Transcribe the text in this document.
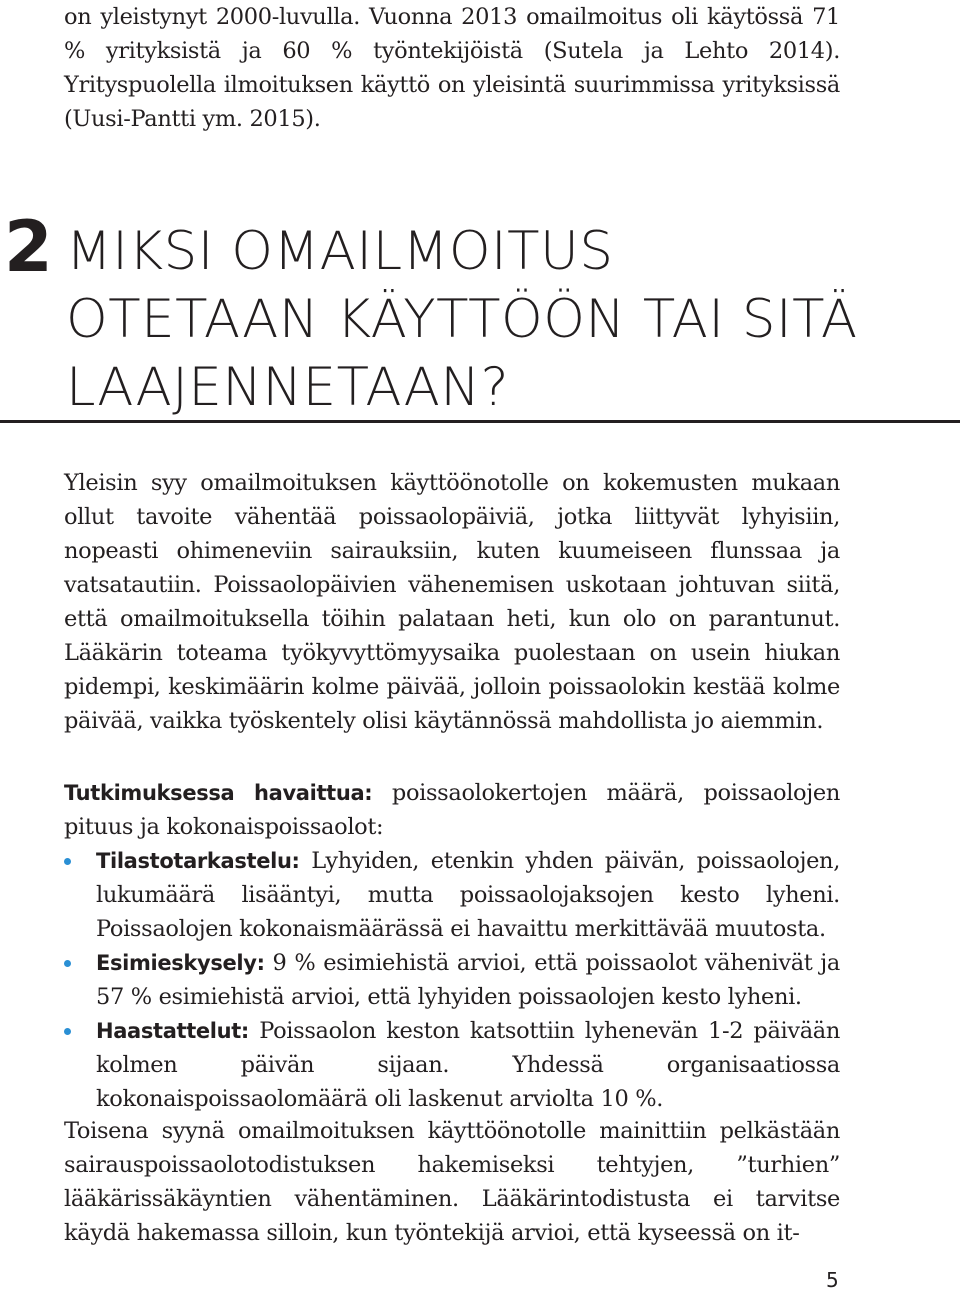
on yleistynyt 2000-luvulla. Vuonna 2013 omailmoitus oli käytössä 71 % yrityksistä ja 60 % työntekijöistä (Sutela ja Lehto 2014). Yrityspuolella ilmoituksen käyttö on yleisintä suurimmissa yrityksissä (Uusi-Pantti ym. 2015).

2 MIKSI OMAILMOITUS
OTETAAN KÄYTTÖÖN TAI SITÄ
LAAJENNETAAN?

Yleisin syy omailmoituksen käyttöönotolle on kokemusten mukaan ollut tavoite vähentää poissaolopäiviä, jotka liittyvät lyhyisiin, nopeasti ohimeneviin sairauksiin, kuten kuumeiseen flunssaa ja vatsatautiin. Poissaolopäivien vähenemisen uskotaan johtuvan siitä, että omailmoituksella töihin palataan heti, kun olo on parantunut. Lääkärin toteama työkyvyttömyysaika puolestaan on usein hiukan pidempi, keskimäärin kolme päivää, jolloin poissaolokin kestää kolme päivää, vaikka työskentely olisi käytännössä mahdollista jo aiemmin.

Tutkimuksessa havaittua: poissaolokertojen määrä, poissaolojen pituus ja kokonaispoissaolot:

Tilastotarkastelu: Lyhyiden, etenkin yhden päivän, poissaolojen, lukumäärä lisääntyi, mutta poissaolojaksojen kesto lyheni. Poissaolojen kokonaismäärässä ei havaittu merkittävää muutosta.
Esimieskysely: 9 % esimiehistä arvioi, että poissaolot vähenivät ja 57 % esimiehistä arvioi, että lyhyiden poissaolojen kesto lyheni.
Haastattelut: Poissaolon keston katsottiin lyhenevän 1-2 päivään kolmen päivän sijaan. Yhdessä organisaatiossa kokonaispoissaolomäärä oli laskenut arviolta 10 %.

Toisena syynä omailmoituksen käyttöönotolle mainittiin pelkästään sairauspoissaolotodistuksen hakemiseksi tehtyjen, ”turhien” lääkärissäkäyntien vähentäminen. Lääkärintodistusta ei tarvitse käydä hakemassa silloin, kun työntekijä arvioi, että kyseessä on it-

5
